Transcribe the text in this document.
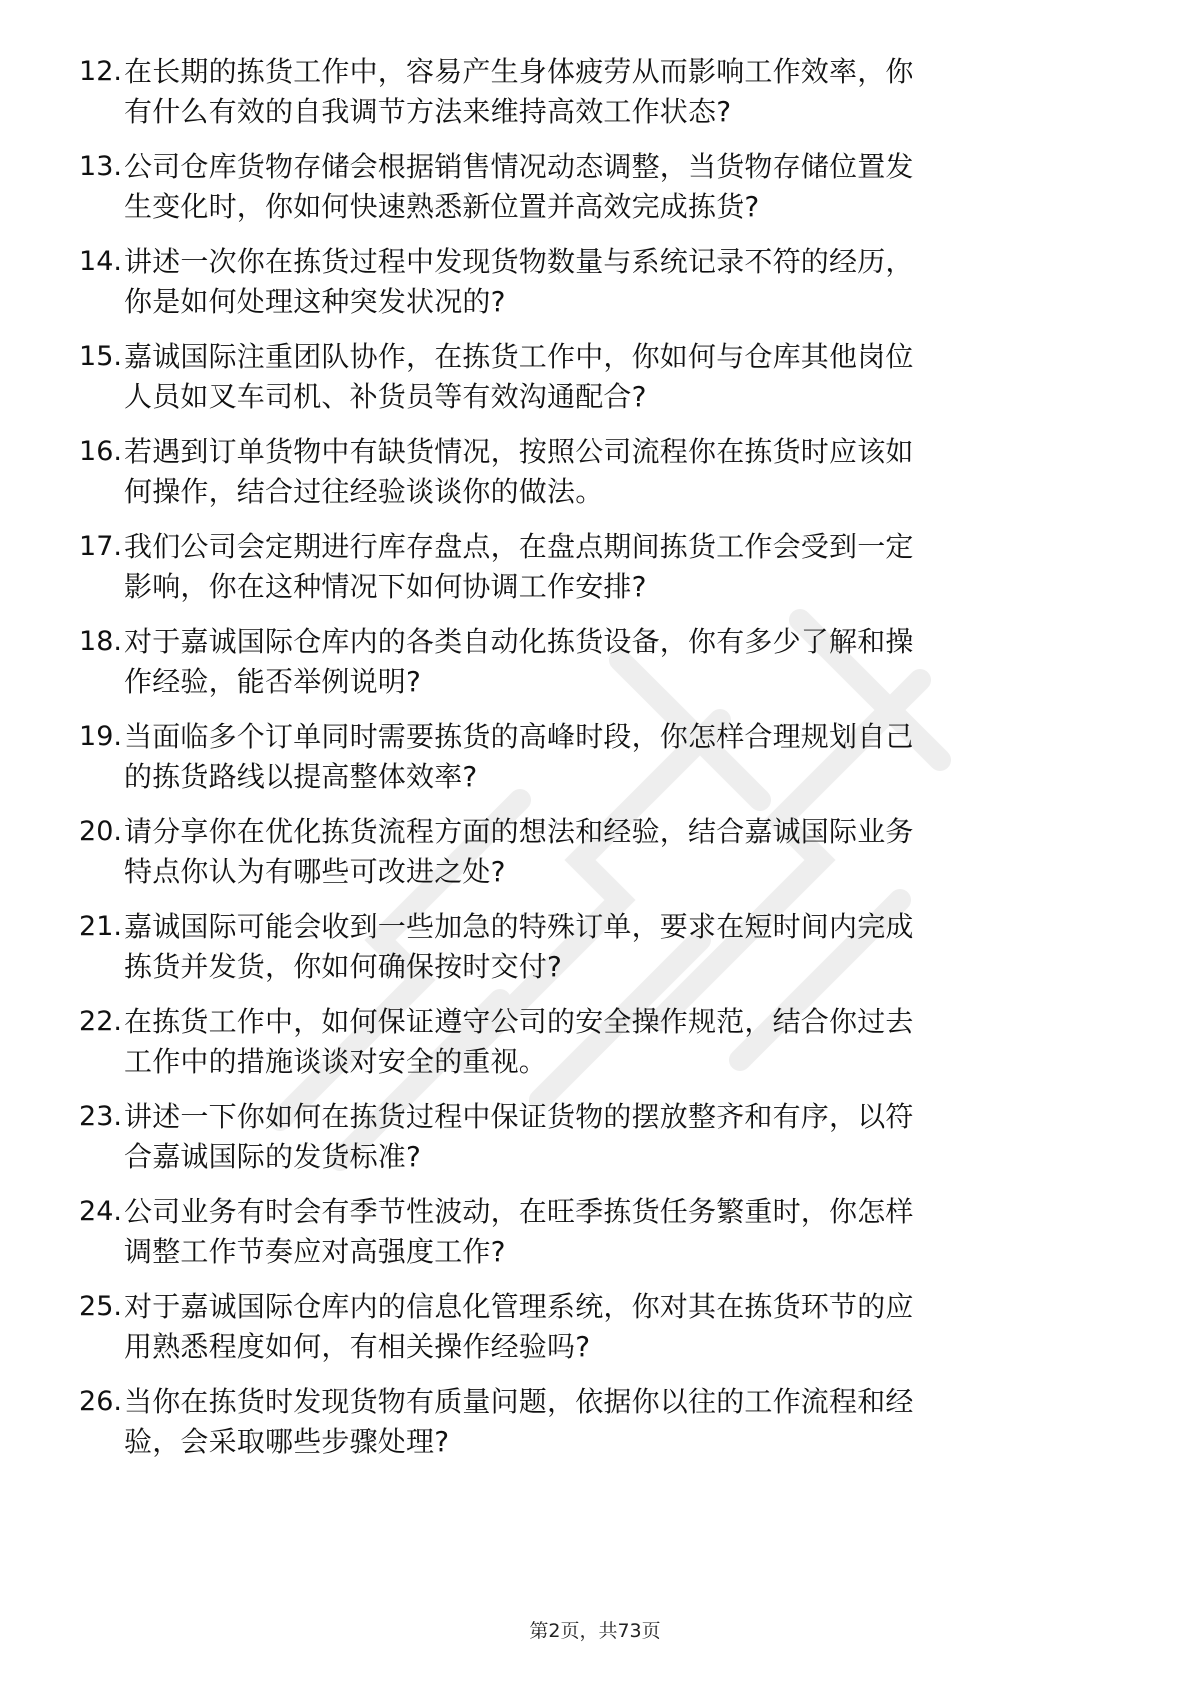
12. 在长期的拣货工作中，容易产生身体疲劳从而影响工作效率，你
有什么有效的自我调节方法来维持高效工作状态?
13. 公司仓库货物存储会根据销售情况动态调整，当货物存储位置发
生变化时，你如何快速熟悉新位置并高效完成拣货?
14. 讲述一次你在拣货过程中发现货物数量与系统记录不符的经历，
你是如何处理这种突发状况的?
15. 嘉诚国际注重团队协作，在拣货工作中，你如何与仓库其他岗位
人员如叉车司机、补货员等有效沟通配合?
16. 若遇到订单货物中有缺货情况，按照公司流程你在拣货时应该如
何操作，结合过往经验谈谈你的做法。
17. 我们公司会定期进行库存盘点，在盘点期间拣货工作会受到一定
影响，你在这种情况下如何协调工作安排?
18. 对于嘉诚国际仓库内的各类自动化拣货设备，你有多少了解和操
作经验，能否举例说明?
19. 当面临多个订单同时需要拣货的高峰时段，你怎样合理规划自己
的拣货路线以提高整体效率?
20. 请分享你在优化拣货流程方面的想法和经验，结合嘉诚国际业务
特点你认为有哪些可改进之处?
21. 嘉诚国际可能会收到一些加急的特殊订单，要求在短时间内完成
拣货并发货，你如何确保按时交付?
22. 在拣货工作中，如何保证遵守公司的安全操作规范，结合你过去
工作中的措施谈谈对安全的重视。
23. 讲述一下你如何在拣货过程中保证货物的摆放整齐和有序，以符
合嘉诚国际的发货标准?
24. 公司业务有时会有季节性波动，在旺季拣货任务繁重时，你怎样
调整工作节奏应对高强度工作?
25. 对于嘉诚国际仓库内的信息化管理系统，你对其在拣货环节的应
用熟悉程度如何，有相关操作经验吗?
26. 当你在拣货时发现货物有质量问题，依据你以往的工作流程和经
验，会采取哪些步骤处理?
第2页，共73页
